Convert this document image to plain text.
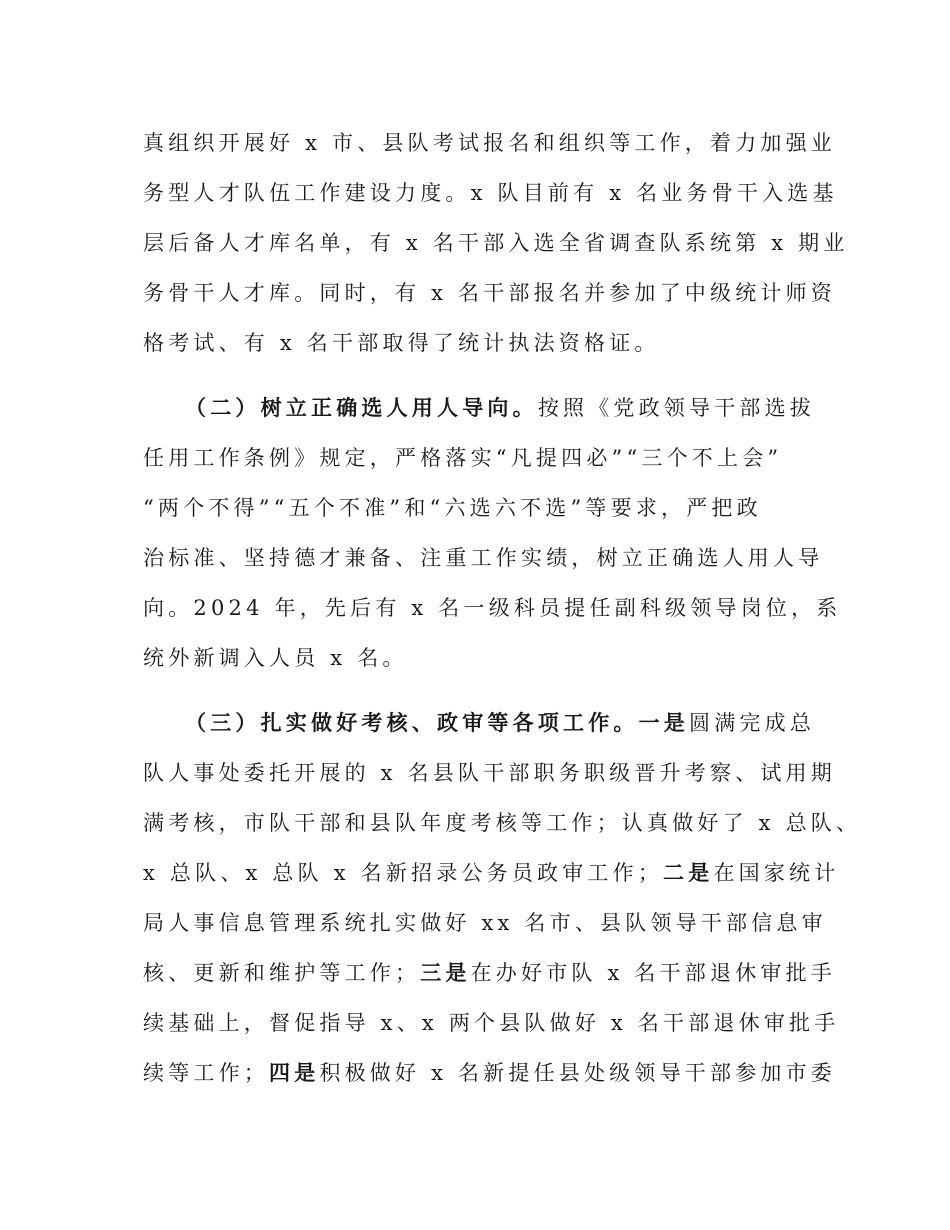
真组织开展好 x 市、县队考试报名和组织等工作，着力加强业
务型人才队伍工作建设力度。x 队目前有 x 名业务骨干入选基
层后备人才库名单，有 x 名干部入选全省调查队系统第 x 期业
务骨干人才库。同时，有 x 名干部报名并参加了中级统计师资
格考试、有 x 名干部取得了统计执法资格证。
（二）树立正确选人用人导向。按照《党政领导干部选拔
任用工作条例》规定，严格落实“凡提四必”“三个不上会”
“两个不得”“五个不准”和“六选六不选”等要求，严把政
治标准、坚持德才兼备、注重工作实绩，树立正确选人用人导
向。2024 年，先后有 x 名一级科员提任副科级领导岗位，系
统外新调入人员 x 名。
（三）扎实做好考核、政审等各项工作。一是圆满完成总
队人事处委托开展的 x 名县队干部职务职级晋升考察、试用期
满考核，市队干部和县队年度考核等工作；认真做好了 x 总队、
x 总队、x 总队 x 名新招录公务员政审工作；二是在国家统计
局人事信息管理系统扎实做好 xx 名市、县队领导干部信息审
核、更新和维护等工作；三是在办好市队 x 名干部退休审批手
续基础上，督促指导 x、x 两个县队做好 x 名干部退休审批手
续等工作；四是积极做好 x 名新提任县处级领导干部参加市委
